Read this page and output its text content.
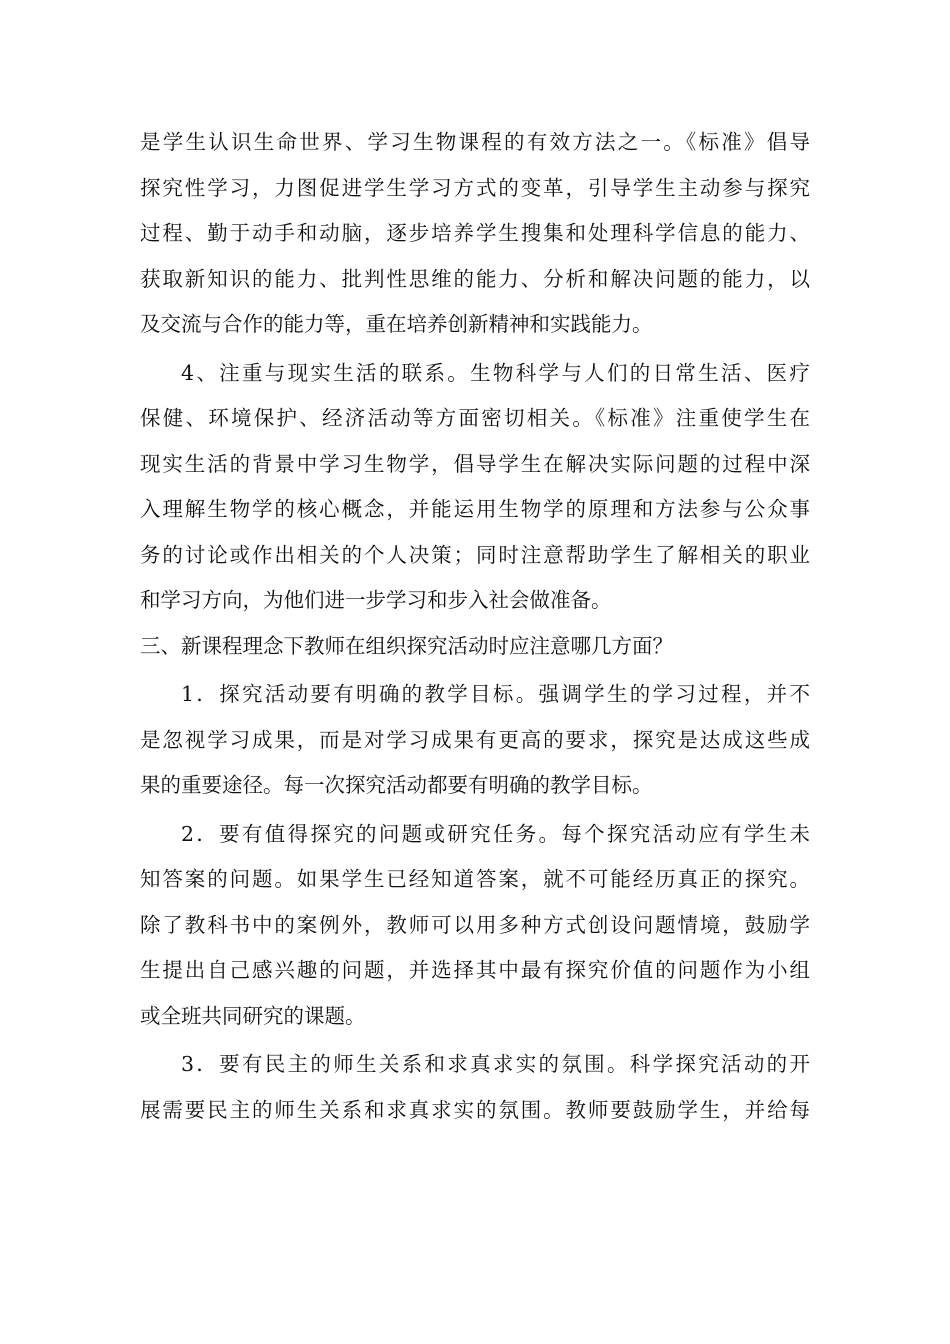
是学生认识生命世界、学习生物课程的有效方法之一。《标准》倡导
探究性学习，力图促进学生学习方式的变革，引导学生主动参与探究
过程、勤于动手和动脑，逐步培养学生搜集和处理科学信息的能力、
获取新知识的能力、批判性思维的能力、分析和解决问题的能力，以
及交流与合作的能力等，重在培养创新精神和实践能力。
4、注重与现实生活的联系。生物科学与人们的日常生活、医疗
保健、环境保护、经济活动等方面密切相关。《标准》注重使学生在
现实生活的背景中学习生物学，倡导学生在解决实际问题的过程中深
入理解生物学的核心概念，并能运用生物学的原理和方法参与公众事
务的讨论或作出相关的个人决策；同时注意帮助学生了解相关的职业
和学习方向，为他们进一步学习和步入社会做准备。
三、新课程理念下教师在组织探究活动时应注意哪几方面？
1．探究活动要有明确的教学目标。强调学生的学习过程，并不
是忽视学习成果，而是对学习成果有更高的要求，探究是达成这些成
果的重要途径。每一次探究活动都要有明确的教学目标。
2．要有值得探究的问题或研究任务。每个探究活动应有学生未
知答案的问题。如果学生已经知道答案，就不可能经历真正的探究。
除了教科书中的案例外，教师可以用多种方式创设问题情境，鼓励学
生提出自己感兴趣的问题，并选择其中最有探究价值的问题作为小组
或全班共同研究的课题。
3．要有民主的师生关系和求真求实的氛围。科学探究活动的开
展需要民主的师生关系和求真求实的氛围。教师要鼓励学生，并给每
